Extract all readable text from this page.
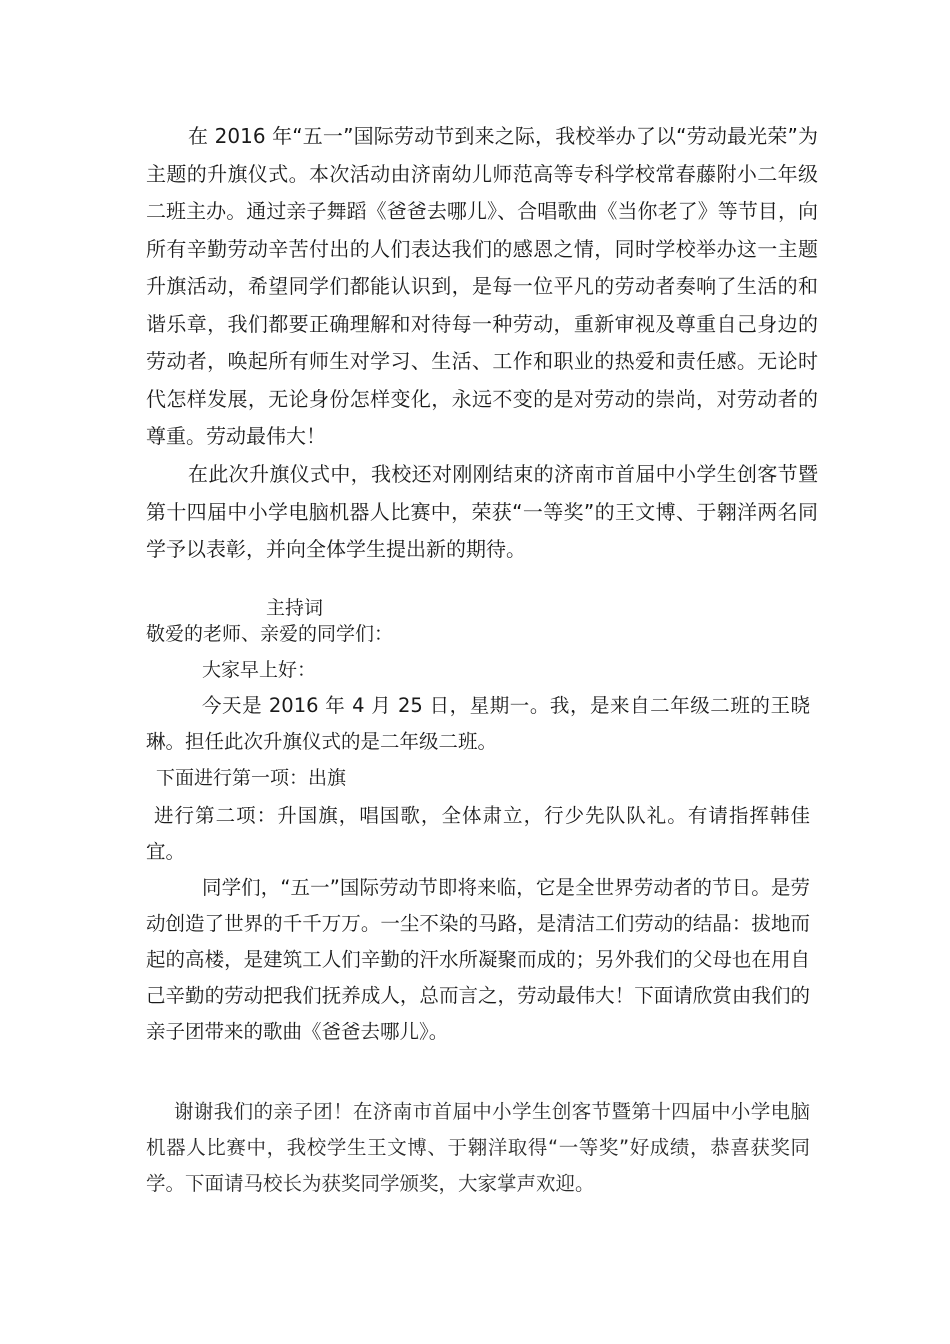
在 2016 年“五一”国际劳动节到来之际，我校举办了以“劳动最光荣”为主题的升旗仪式。本次活动由济南幼儿师范高等专科学校常春藤附小二年级二班主办。通过亲子舞蹈《爸爸去哪儿》、合唱歌曲《当你老了》等节目，向所有辛勤劳动辛苦付出的人们表达我们的感恩之情，同时学校举办这一主题升旗活动，希望同学们都能认识到，是每一位平凡的劳动者奏响了生活的和谐乐章，我们都要正确理解和对待每一种劳动，重新审视及尊重自己身边的劳动者，唤起所有师生对学习、生活、工作和职业的热爱和责任感。无论时代怎样发展，无论身份怎样变化，永远不变的是对劳动的崇尚，对劳动者的尊重。劳动最伟大！

在此次升旗仪式中，我校还对刚刚结束的济南市首届中小学生创客节暨第十四届中小学电脑机器人比赛中，荣获“一等奖”的王文博、于翱洋两名同学予以表彰，并向全体学生提出新的期待。

主持词

敬爱的老师、亲爱的同学们：

大家早上好：

今天是 2016 年 4 月 25 日，星期一。我，是来自二年级二班的王晓琳。担任此次升旗仪式的是二年级二班。

下面进行第一项：出旗

进行第二项：升国旗，唱国歌，全体肃立，行少先队队礼。有请指挥韩佳宜。

同学们，“五一”国际劳动节即将来临，它是全世界劳动者的节日。是劳动创造了世界的千千万万。一尘不染的马路，是清洁工们劳动的结晶：拔地而起的高楼，是建筑工人们辛勤的汗水所凝聚而成的；另外我们的父母也在用自己辛勤的劳动把我们抚养成人，总而言之，劳动最伟大！下面请欣赏由我们的亲子团带来的歌曲《爸爸去哪儿》。

谢谢我们的亲子团！在济南市首届中小学生创客节暨第十四届中小学电脑机器人比赛中，我校学生王文博、于翱洋取得“一等奖”好成绩，恭喜获奖同学。下面请马校长为获奖同学颁奖，大家掌声欢迎。
